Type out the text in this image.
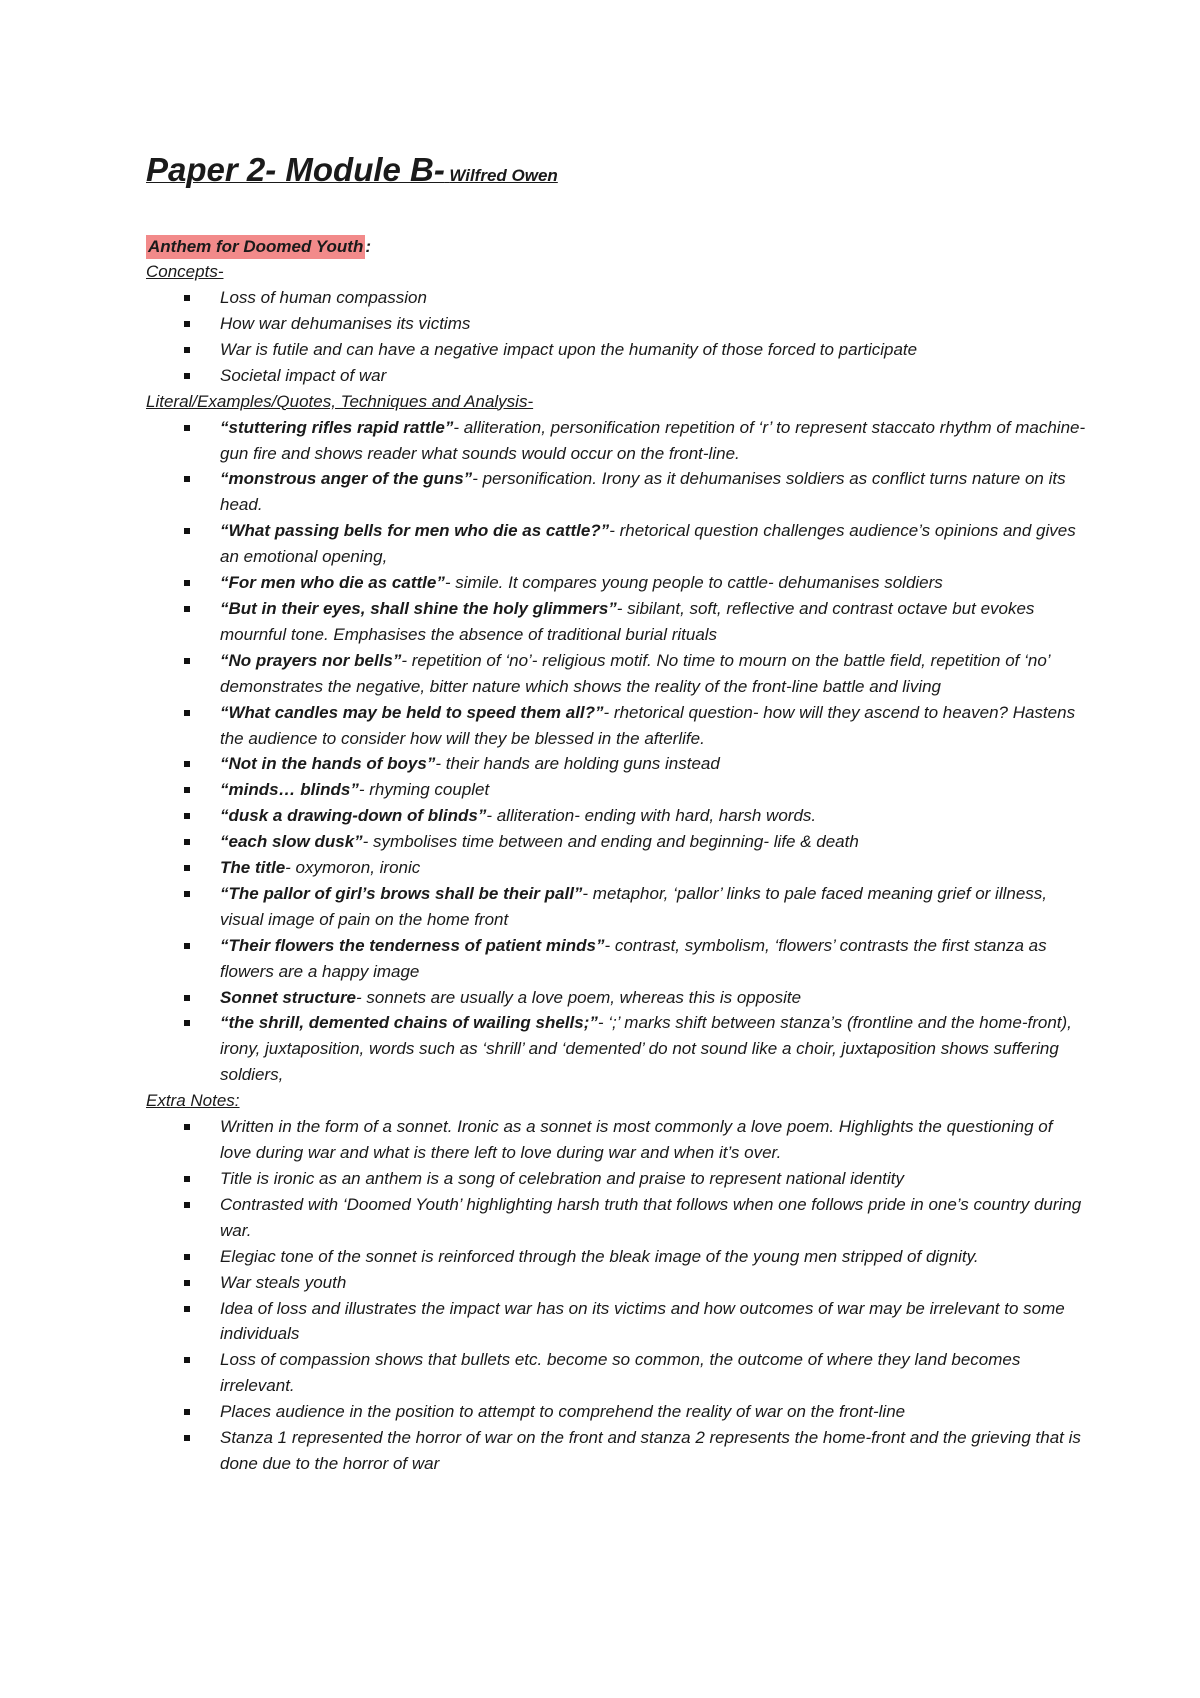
Paper 2- Module B- Wilfred Owen
Anthem for Doomed Youth :
Concepts-
Loss of human compassion
How war dehumanises its victims
War is futile and can have a negative impact upon the humanity of those forced to participate
Societal impact of war
Literal/Examples/Quotes, Techniques and Analysis-
“stuttering rifles rapid rattle”- alliteration, personification repetition of ‘r’ to represent staccato rhythm of machine-gun fire and shows reader what sounds would occur on the front-line.
“monstrous anger of the guns”- personification. Irony as it dehumanises soldiers as conflict turns nature on its head.
“What passing bells for men who die as cattle?”- rhetorical question challenges audience’s opinions and gives an emotional opening,
“For men who die as cattle”- simile. It compares young people to cattle- dehumanises soldiers
“But in their eyes, shall shine the holy glimmers”- sibilant, soft, reflective and contrast octave but evokes mournful tone. Emphasises the absence of traditional burial rituals
“No prayers nor bells”- repetition of ‘no’- religious motif. No time to mourn on the battle field, repetition of ‘no’ demonstrates the negative, bitter nature which shows the reality of the front-line battle and living
“What candles may be held to speed them all?”- rhetorical question- how will they ascend to heaven? Hastens the audience to consider how will they be blessed in the afterlife.
“Not in the hands of boys”- their hands are holding guns instead
“minds… blinds”- rhyming couplet
“dusk a drawing-down of blinds”- alliteration- ending with hard, harsh words.
“each slow dusk”- symbolises time between and ending and beginning- life & death
The title- oxymoron, ironic
“The pallor of girl’s brows shall be their pall”- metaphor, ‘pallor’ links to pale faced meaning grief or illness, visual image of pain on the home front
“Their flowers the tenderness of patient minds”- contrast, symbolism, ‘flowers’ contrasts the first stanza as flowers are a happy image
Sonnet structure- sonnets are usually a love poem, whereas this is opposite
“the shrill, demented chains of wailing shells;”- ‘;’ marks shift between stanza’s (frontline and the home-front), irony, juxtaposition, words such as ‘shrill’ and ‘demented’ do not sound like a choir, juxtaposition shows suffering soldiers,
Extra Notes:
Written in the form of a sonnet. Ironic as a sonnet is most commonly a love poem. Highlights the questioning of love during war and what is there left to love during war and when it’s over.
Title is ironic as an anthem is a song of celebration and praise to represent national identity
Contrasted with ‘Doomed Youth’ highlighting harsh truth that follows when one follows pride in one’s country during war.
Elegiac tone of the sonnet is reinforced through the bleak image of the young men stripped of dignity.
War steals youth
Idea of loss and illustrates the impact war has on its victims and how outcomes of war may be irrelevant to some individuals
Loss of compassion shows that bullets etc. become so common, the outcome of where they land becomes irrelevant.
Places audience in the position to attempt to comprehend the reality of war on the front-line
Stanza 1 represented the horror of war on the front and stanza 2 represents the home-front and the grieving that is done due to the horror of war
